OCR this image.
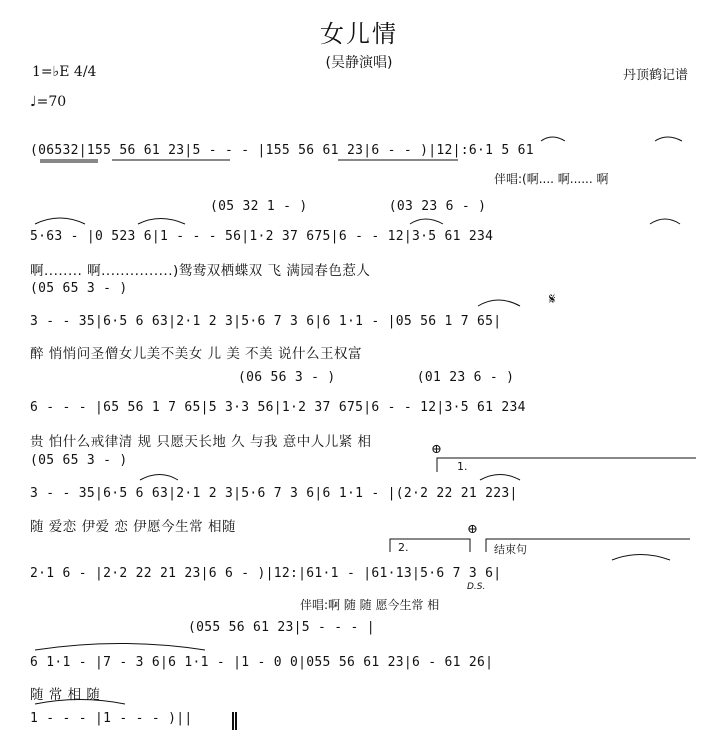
女儿情
(吴静演唱)
1=♭E 4/4	丹顶鹤记谱
♩=70
(06532|155 56 61 23|5 - - - |155 56 61 23|6 - - )|12|:6·1 5 61
伴唱:(啊.... 啊...... 啊
(05 32 1 - )          (03 23 6 - )
5·63 - |0 523 6|1 - - - 56|1·2 37 675|6 - - 12|3·5 61 234
啊........ 啊...............)鸳鸯双栖蝶双 飞 满园春色惹人
(05 65 3 - )
3 - - 35|6·5 6 63|2·1 2 3|5·6 7 3 6|6 1·1 - |05 56 1 7 65|
醉 悄悄问圣僧女儿美不美女 儿 美 不美 说什么王权富
(06 56 3 - )          (01 23 6 - )
6 - - - |65 56 1 7 65|5 3·3 56|1·2 37 675|6 - - 12|3·5 61 234
贵 怕什么戒律清 规 只愿天长地 久 与我 意中人儿紧 相
(05 65 3 - )
3 - - 35|6·5 6 63|2·1 2 3|5·6 7 3 6|6 1·1 - |(2·2 22 21 223|
随 爱恋 伊爱 恋 伊愿今生常 相随
2·1 6 - |2·2 22 21 23|6 6 - )|12:|61·1 - |61·13|5·6 7 3 6|
伴唱:啊 随 随 愿今生常 相
(055 56 61 23|5 - - - |
6 1·1 - |7 - 3 6|6 1·1 - |1 - 0 0|055 56 61 23|6 - 61 26|
随 常 相 随
1 - - - |1 - - - )||
𝄋
⊕
⊕
1.
2.	结束句
D.S.
